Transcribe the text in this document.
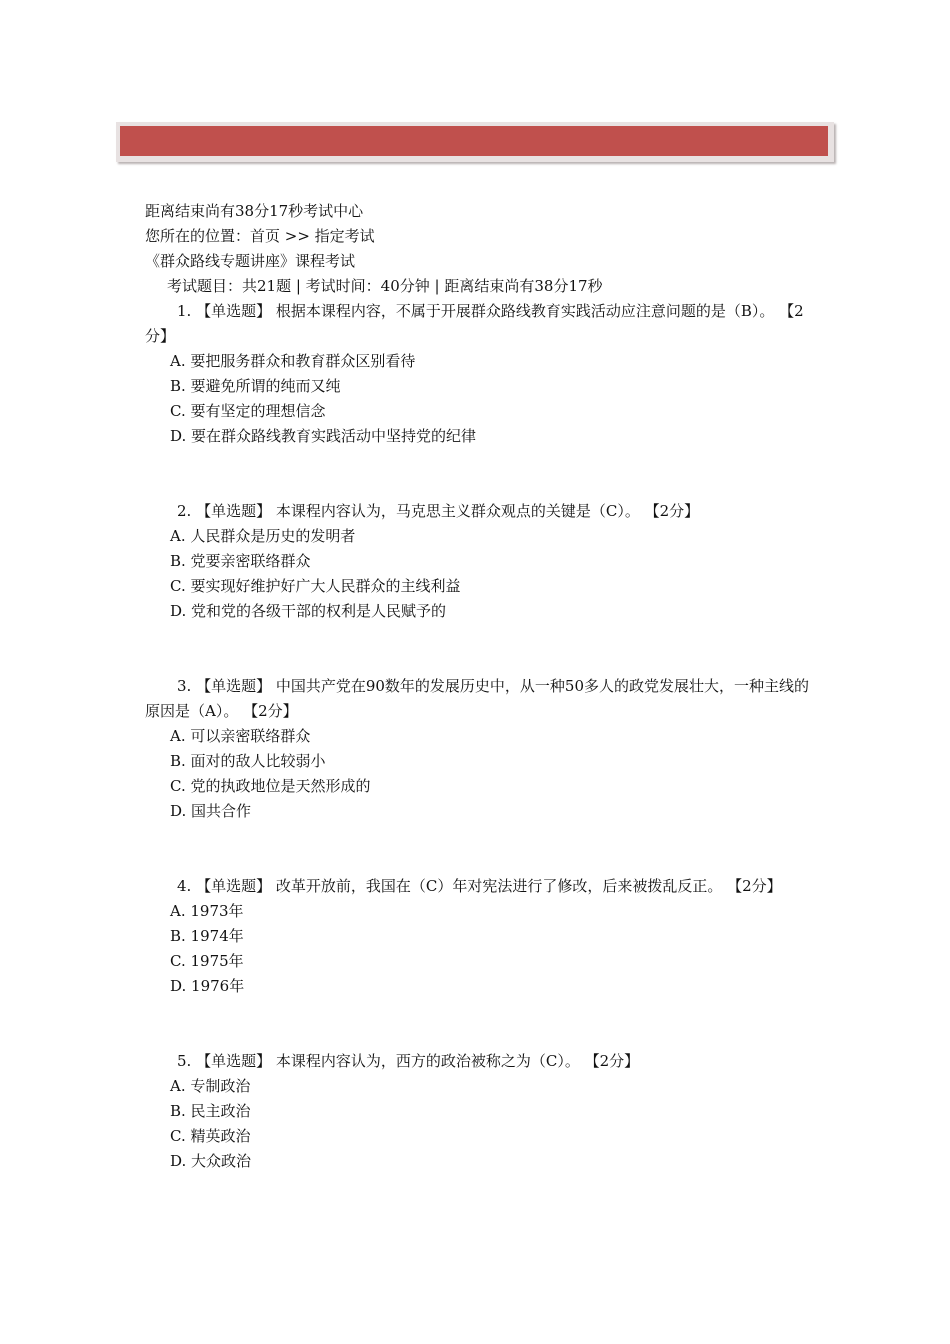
距离结束尚有38分17秒考试中心
您所在的位置：首页 >> 指定考试
《群众路线专题讲座》课程考试
考试题目：共21题 | 考试时间：40分钟 | 距离结束尚有38分17秒
1. 【单选题】 根据本课程内容，不属于开展群众路线教育实践活动应注意问题的是（B）。 【2分】
A. 要把服务群众和教育群众区别看待
B. 要避免所谓的纯而又纯
C. 要有坚定的理想信念
D. 要在群众路线教育实践活动中坚持党的纪律
2. 【单选题】 本课程内容认为，马克思主义群众观点的关键是（C）。 【2分】
A. 人民群众是历史的发明者
B. 党要亲密联络群众
C. 要实现好维护好广大人民群众的主线利益
D. 党和党的各级干部的权利是人民赋予的
3. 【单选题】 中国共产党在90数年的发展历史中，从一种50多人的政党发展壮大，一种主线的原因是（A）。 【2分】
A. 可以亲密联络群众
B. 面对的敌人比较弱小
C. 党的执政地位是天然形成的
D. 国共合作
4. 【单选题】 改革开放前，我国在（C）年对宪法进行了修改，后来被拨乱反正。 【2分】
A. 1973年
B. 1974年
C. 1975年
D. 1976年
5. 【单选题】 本课程内容认为，西方的政治被称之为（C）。 【2分】
A. 专制政治
B. 民主政治
C. 精英政治
D. 大众政治
